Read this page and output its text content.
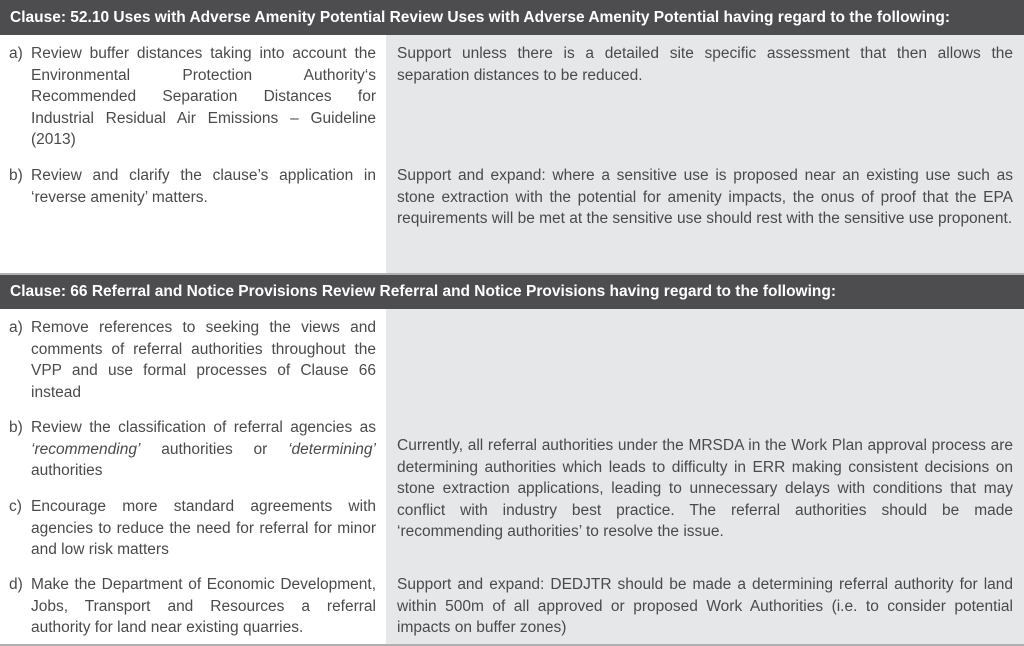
Clause: 52.10 Uses with Adverse Amenity Potential Review Uses with Adverse Amenity Potential having regard to the following:
a) Review buffer distances taking into account the Environmental Protection Authority‘s Recommended Separation Distances for Industrial Residual Air Emissions – Guideline (2013)
b) Review and clarify the clause’s application in ‘reverse amenity’ matters.
Support unless there is a detailed site specific assessment that then allows the separation distances to be reduced.
Support and expand: where a sensitive use is proposed near an existing use such as stone extraction with the potential for amenity impacts, the onus of proof that the EPA requirements will be met at the sensitive use should rest with the sensitive use proponent.
Clause: 66 Referral and Notice Provisions Review Referral and Notice Provisions having regard to the following:
a) Remove references to seeking the views and comments of referral authorities throughout the VPP and use formal processes of Clause 66 instead
b) Review the classification of referral agencies as ‘recommending’ authorities or ‘determining’ authorities
c) Encourage more standard agreements with agencies to reduce the need for referral for minor and low risk matters
d) Make the Department of Economic Development, Jobs, Transport and Resources a referral authority for land near existing quarries.
Currently, all referral authorities under the MRSDA in the Work Plan approval process are determining authorities which leads to difficulty in ERR making consistent decisions on stone extraction applications, leading to unnecessary delays with conditions that may conflict with industry best practice. The referral authorities should be made ‘recommending authorities’ to resolve the issue.
Support and expand: DEDJTR should be made a determining referral authority for land within 500m of all approved or proposed Work Authorities (i.e. to consider potential impacts on buffer zones)
